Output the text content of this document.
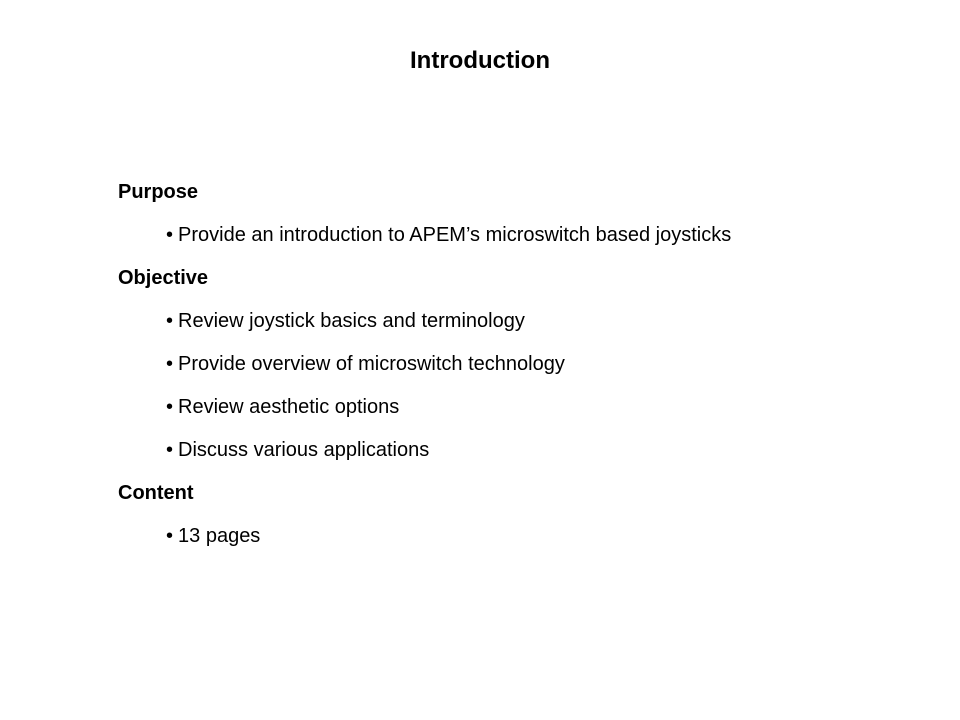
Introduction
Purpose
• Provide an introduction to APEM’s microswitch based joysticks
Objective
• Review joystick basics and terminology
• Provide overview of microswitch technology
• Review aesthetic options
• Discuss various applications
Content
• 13 pages
